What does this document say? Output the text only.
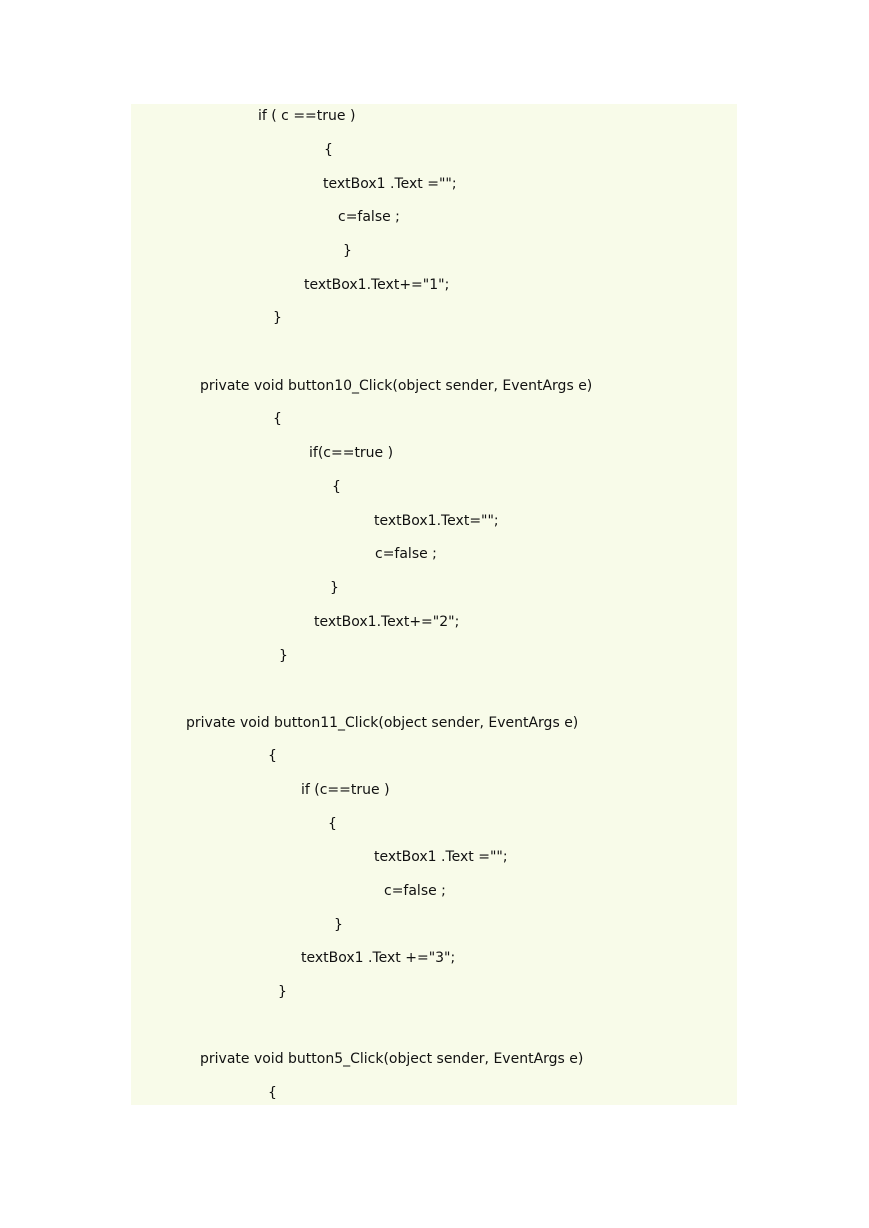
if ( c ==true )
{
textBox1 .Text ="";
c=false ;
}
textBox1.Text+="1";
}
private void button10_Click(object sender, EventArgs e)
{
if(c==true )
{
textBox1.Text="";
c=false ;
}
textBox1.Text+="2";
}
private void button11_Click(object sender, EventArgs e)
{
if (c==true )
{
textBox1 .Text ="";
c=false ;
}
textBox1 .Text +="3";
}
private void button5_Click(object sender, EventArgs e)
{
